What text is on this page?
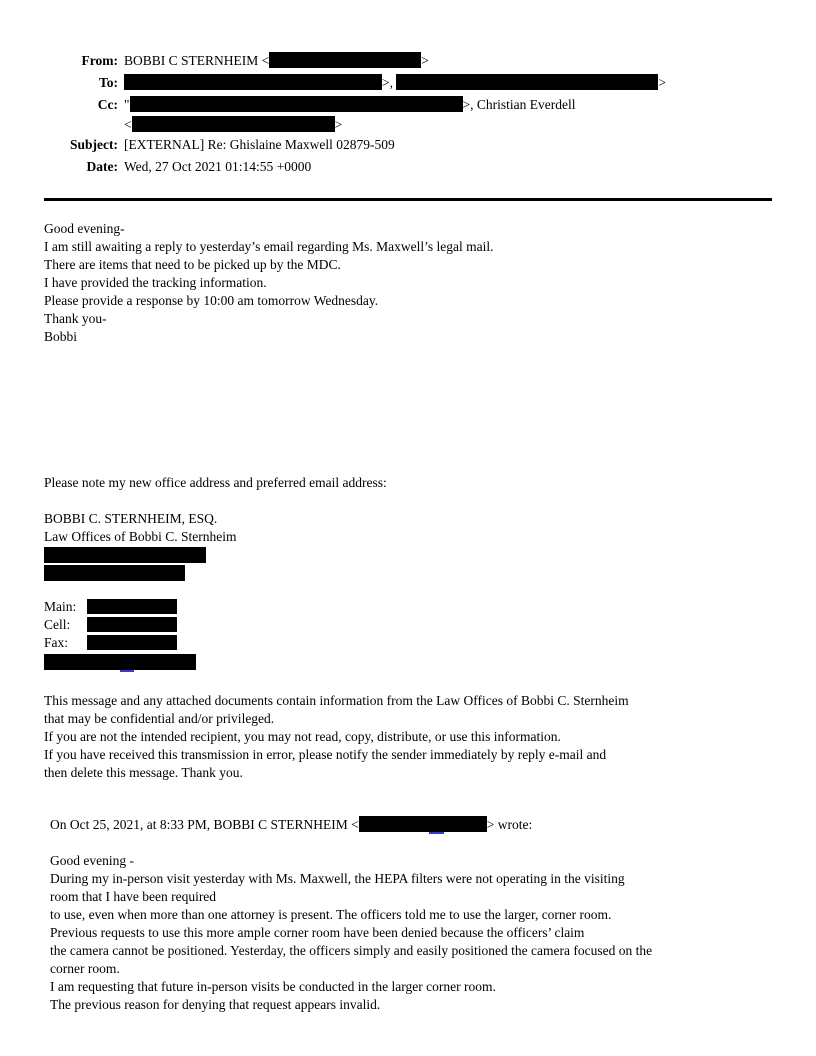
From: BOBBI C STERNHEIM <	>
To:	>,	>
Cc: "	>, Christian Everdell
<	>
Subject: [EXTERNAL] Re: Ghislaine Maxwell 02879-509
Date: Wed, 27 Oct 2021 01:14:55 +0000
Good evening-
I am still awaiting a reply to yesterday’s email regarding Ms. Maxwell’s legal mail.
There are items that need to be picked up by the MDC.
I have provided the tracking information.
Please provide a response by 10:00 am tomorrow Wednesday.
Thank you-
Bobbi
Please note my new office address and preferred email address:
BOBBI C. STERNHEIM, ESQ.
Law Offices of Bobbi C. Sternheim
Main:
Cell:
Fax:
This message and any attached documents contain information from the Law Offices of Bobbi C. Sternheim
that may be confidential and/or privileged.
If you are not the intended recipient, you may not read, copy, distribute, or use this information.
If you have received this transmission in error, please notify the sender immediately by reply e-mail and
then delete this message. Thank you.
On Oct 25, 2021, at 8:33 PM, BOBBI C STERNHEIM <	> wrote:
Good evening -
During my in-person visit yesterday with Ms. Maxwell, the HEPA filters were not operating in the visiting
room that I have been required
to use, even when more than one attorney is present. The officers told me to use the larger, corner room.
Previous requests to use this more ample corner room have been denied because the officers’ claim
the camera cannot be positioned. Yesterday, the officers simply and easily positioned the camera focused on the
corner room.
I am requesting that future in-person visits be conducted in the larger corner room.
The previous reason for denying that request appears invalid.
